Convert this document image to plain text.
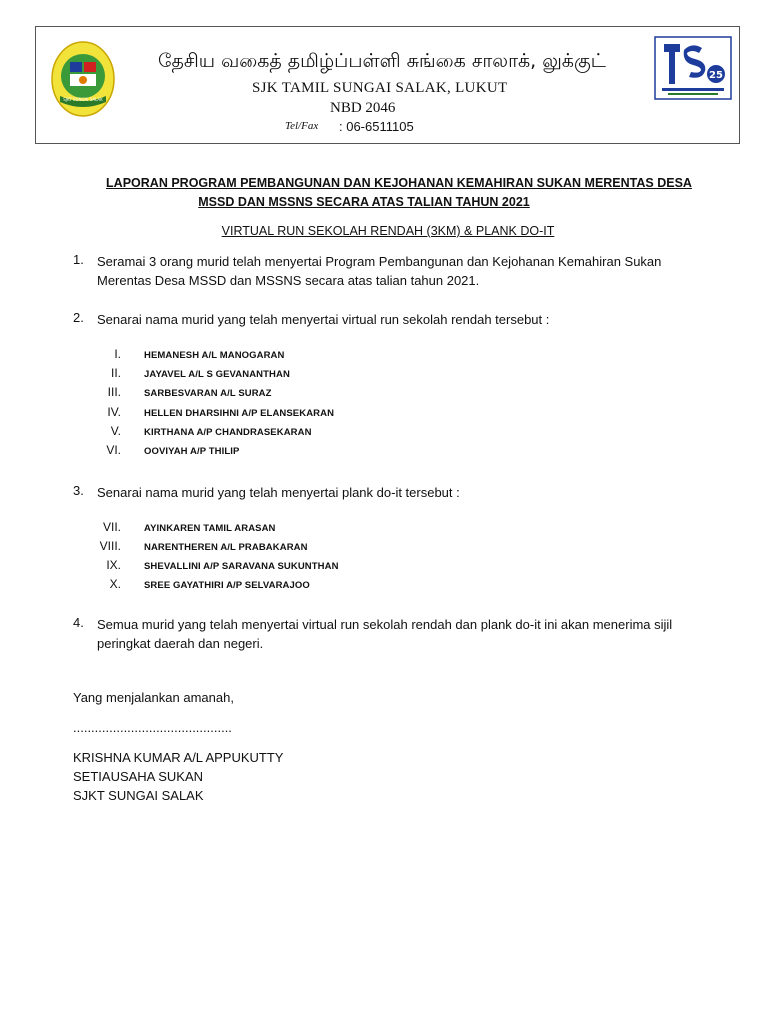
SJKT SUNGAI SALAK
தேசிய வகைத் தமிழ்ப்பள்ளி சுங்கை சாலாக், லுக்குட்
SJK TAMIL SUNGAI SALAK, LUKUT
NBD 2046
Tel/Fax : 06-6511105
25
LAPORAN PROGRAM PEMBANGUNAN DAN KEJOHANAN KEMAHIRAN SUKAN MERENTAS DESA
MSSD DAN MSSNS SECARA ATAS TALIAN TAHUN 2021
VIRTUAL RUN SEKOLAH RENDAH (3KM) & PLANK DO-IT
1. Seramai 3 orang murid telah menyertai Program Pembangunan dan Kejohanan Kemahiran Sukan Merentas Desa MSSD dan MSSNS secara atas talian tahun 2021.
2. Senarai nama murid yang telah menyertai virtual run sekolah rendah tersebut :
I. HEMANESH A/L MANOGARAN
II. JAYAVEL A/L S GEVANANTHAN
III. SARBESVARAN A/L SURAZ
IV. HELLEN DHARSIHNI A/P ELANSEKARAN
V. KIRTHANA A/P CHANDRASEKARAN
VI. OOVIYAH A/P THILIP
3. Senarai nama murid yang telah menyertai plank do-it tersebut :
VII. AYINKAREN TAMIL ARASAN
VIII. NARENTHEREN A/L PRABAKARAN
IX. SHEVALLINI A/P SARAVANA SUKUNTHAN
X. SREE GAYATHIRI A/P SELVARAJOO
4. Semua murid yang telah menyertai virtual run sekolah rendah dan plank do-it ini akan menerima sijil peringkat daerah dan negeri.
Yang menjalankan amanah,
............................................
KRISHNA KUMAR A/L APPUKUTTY
SETIAUSAHA SUKAN
SJKT SUNGAI SALAK
